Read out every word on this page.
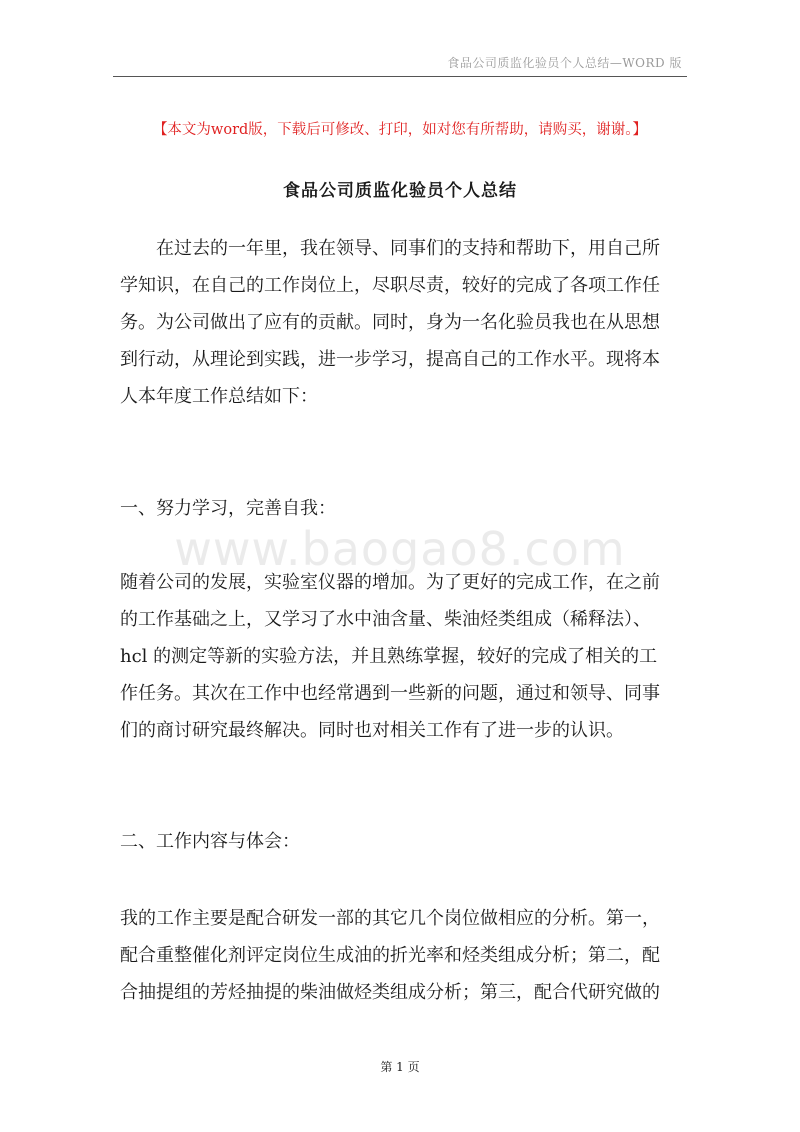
食品公司质监化验员个人总结—WORD 版
【本文为word版，下载后可修改、打印，如对您有所帮助，请购买，谢谢。】
食品公司质监化验员个人总结

　　在过去的一年里，我在领导、同事们的支持和帮助下，用自己所
学知识，在自己的工作岗位上，尽职尽责，较好的完成了各项工作任
务。为公司做出了应有的贡献。同时，身为一名化验员我也在从思想
到行动，从理论到实践，进一步学习，提高自己的工作水平。现将本
人本年度工作总结如下：

一、努力学习，完善自我：
www.baogao8.com

随着公司的发展，实验室仪器的增加。为了更好的完成工作，在之前
的工作基础之上，又学习了水中油含量、柴油烃类组成（稀释法）、
hcl 的测定等新的实验方法，并且熟练掌握，较好的完成了相关的工
作任务。其次在工作中也经常遇到一些新的问题，通过和领导、同事
们的商讨研究最终解决。同时也对相关工作有了进一步的认识。

二、工作内容与体会：

我的工作主要是配合研发一部的其它几个岗位做相应的分析。第一，
配合重整催化剂评定岗位生成油的折光率和烃类组成分析；第二，配
合抽提组的芳烃抽提的柴油做烃类组成分析；第三，配合代研究做的

第 1 页
